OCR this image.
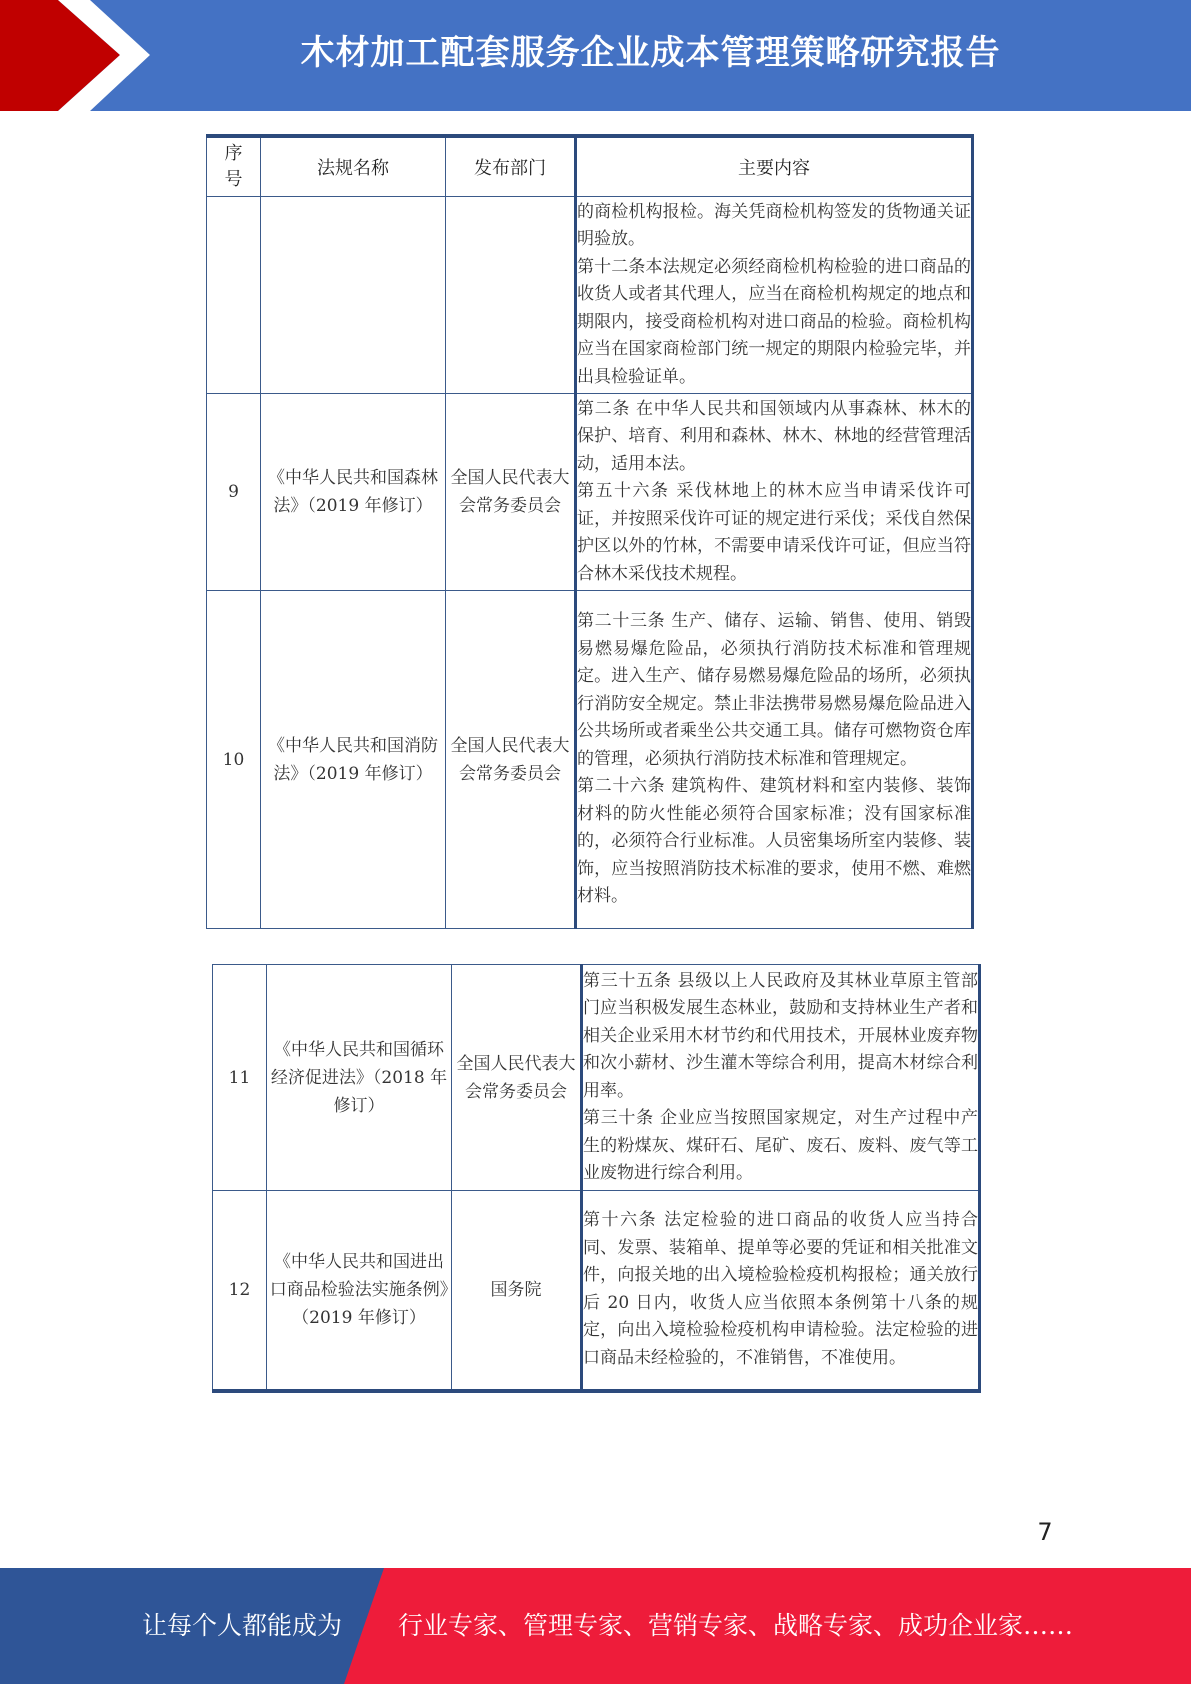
木材加工配套服务企业成本管理策略研究报告
序
号	法规名称	发布部门	主要内容

			的商检机构报检。海关凭商检机构签发的货物通关证明验放。
第十二条本法规定必须经商检机构检验的进口商品的收货人或者其代理人，应当在商检机构规定的地点和期限内，接受商检机构对进口商品的检验。商检机构应当在国家商检部门统一规定的期限内检验完毕，并出具检验证单。

9	《中华人民共和国森林法》（2019 年修订）	全国人民代表大会常务委员会	第二条 在中华人民共和国领域内从事森林、林木的保护、培育、利用和森林、林木、林地的经营管理活动，适用本法。
第五十六条 采伐林地上的林木应当申请采伐许可证，并按照采伐许可证的规定进行采伐；采伐自然保护区以外的竹林，不需要申请采伐许可证，但应当符合林木采伐技术规程。

10	《中华人民共和国消防法》（2019 年修订）	全国人民代表大会常务委员会	第二十三条 生产、储存、运输、销售、使用、销毁易燃易爆危险品，必须执行消防技术标准和管理规定。进入生产、储存易燃易爆危险品的场所，必须执行消防安全规定。禁止非法携带易燃易爆危险品进入公共场所或者乘坐公共交通工具。储存可燃物资仓库的管理，必须执行消防技术标准和管理规定。
第二十六条 建筑构件、建筑材料和室内装修、装饰材料的防火性能必须符合国家标准；没有国家标准的，必须符合行业标准。人员密集场所室内装修、装饰，应当按照消防技术标准的要求，使用不燃、难燃材料。
11	《中华人民共和国循环经济促进法》（2018 年修订）	全国人民代表大会常务委员会	第三十五条 县级以上人民政府及其林业草原主管部门应当积极发展生态林业，鼓励和支持林业生产者和相关企业采用木材节约和代用技术，开展林业废弃物和次小薪材、沙生灌木等综合利用，提高木材综合利用率。
第三十条 企业应当按照国家规定，对生产过程中产生的粉煤灰、煤矸石、尾矿、废石、废料、废气等工业废物进行综合利用。

12	《中华人民共和国进出口商品检验法实施条例》（2019 年修订）	国务院	第十六条 法定检验的进口商品的收货人应当持合同、发票、装箱单、提单等必要的凭证和相关批准文件，向报关地的出入境检验检疫机构报检；通关放行后 20 日内，收货人应当依照本条例第十八条的规定，向出入境检验检疫机构申请检验。法定检验的进口商品未经检验的，不准销售，不准使用。
7
让每个人都能成为 行业专家、管理专家、营销专家、战略专家、成功企业家……
